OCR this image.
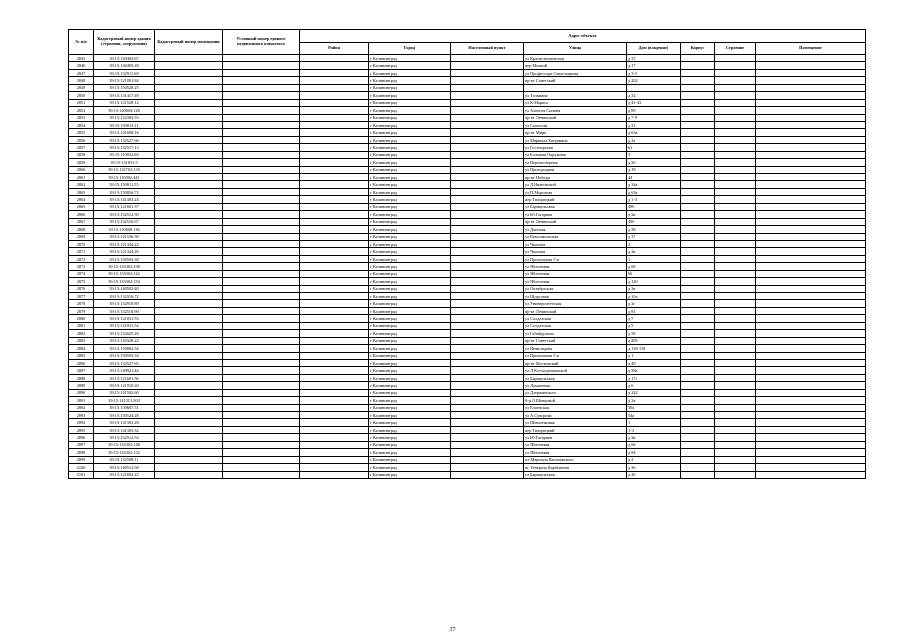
№ п/п	Кадастровый номер здания (строения, сооружения)	Кадастровый номер помещения	Условный номер единого недвижимого комплекса	Адрес объекта							
				Район	Город	Населенный пункт	Улица	Дом (владение)	Корпус	Строение	Помещение
2845	39:15:140402:67				г Калининград		ул Краснознаменская	д 37			
2846	39:15:140405:28				г Калининград		пер Мелкий	д 17			
2847	39:15:132911:69				г Калининград		ул Профессора Севастьянова	д 3-5			
2848	39:15:121001:84				г Калининград		пр-кт Советский	д 202			
2849	39:15:150528:25				г Калининград						
2850	39:15:131417:49				г Калининград		ул Тельмана	д 32			
2851	39:15:121528:12				г Калининград		ул К.Маркса	д 41-43			
2852	39:15:140604:126				г Калининград		ул Алексея Сычаня	д 89			
2853	39:15:132303:53				г Калининград		пр-кт Ленинский	д 7-9			
2854	39:15:150813:11				г Калининград		ул Соколова	д 21			
2855	39:15:141608:16				г Калининград		пр-кт Мира	д 63а			
2856	39:15:132527:66				г Калининград		ул Маршала Баграмяна	д 2а			
2857	39:15:132517:13				г Калининград		ул Гостиорская	61			
2858	39:15:110832:60				г Калининград		ул Большая Окружная	3			
2859	39:15:131831:5				г Калининград		ул Верхнеозерная	д 2б			
2860	39:15:132702:133				г Калининград		ул Пригородная	д 18			
2861	39:15:110902:441				г Калининград		пр-кт Победы	44			
2862	39:15:150811:55				г Калининград		ул Д.Ивановской	д 34а			
2863	39:15:150856:72				г Калининград		ул П.Морозова	д 63а			
2864	39:15:141303:24				г Калининград		пер Тихорецкий	д 1-3			
2865	39:15:121601:37				г Калининград		ул Барнаульская	49б			
2866	39:15:132512:50				г Калининград		ул Ю.Гагарина	д 2в			
2867	39:15:132516:67				г Калининград		пр-кт Ленинский	49б			
2868	39:15:110808:136				г Калининград		ул Донская	д 28			
2869	39:15:121536:58				г Калининград		ул Комсомольская	д 37			
2870	39:15:121344:22				г Калининград		ул Чкалова	2			
2871	39:15:121344:26				г Калининград		ул Чкалова	д 2в			
2872	39:15:150503:38				г Калининград		ул Причальная 5-я	1			
2873	39:15:133302:138				г Калининград		ул Яблоневая	д 68			
2874	39:15:133302:142				г Калининград		ул Яблоневая	66			
2875	39:15:133302:154				г Калининград		ул Яблоневая	д 120			
2876	39:15:140502:40				г Калининград		ул Октябрьская	д 3в			
2877	39:15:132316:72				г Калининград		ул Щорсовая	д 1ба			
2878	39:15:132910:89				г Калининград		ул Университетская	д 2г			
2879	39:15:132516:90				г Калининград		пр-кт Ленинский	д 81			
2880	39:15:121031:53				г Калининград		ул Солдатская	д 7			
2881	39:15:121031:54				г Калининград		ул Солдатская	д 5			
2882	39:15:132025:20				г Калининград		ул Габайдулина	д 58			
2883	39:15:120328:22				г Калининград		пр-кт Советский	д 285			
2884	39:15:150802:54				г Калининград		ул Инвалидная	д 116-118			
2885	39:15:150503:34				г Калининград		ул Причальная 5-я	д 1			
2886	39:15:132527:65				г Калининград		пр-кт Московский	д 49			
2887	39:15:140921:44				г Калининград		ул Л.Космодемьянской	д 38а			
2888	39:15:121601:56				г Калининград		ул Барнаульская	д 17г			
2889	39:15:121919:20				г Калининград		ул Лукашенко	д 6			
2890	39:15:141502:60				г Калининград		ул Дзержинского	д 242			
2891	39:15:141313:303				г Калининград		б-р Л.Шевцовой	д 3а			
2892	39:15:150607:51				г Калининград		ул Елоевская	50а			
2893	39:15:150524:28				г Калининград		ул А.Суворова	54а			
2894	39:15:141303:28				г Калининград		ул Шевченковая	1			
2895	39:15:141303:32				г Калининград		пер Тихорецкий	1-3			
2896	39:15:132512:54				г Калининград		ул Ю.Гагарина	д 2в			
2897	39:15:133302:148				г Калининград		ул Яблоневая	д 66			
2898	39:15:133302:152				г Калининград		ул Яблоневая	д 84			
2899	39:15:132508:11				г Калининград		пл Маршала Василевского	д 2			
2100	39:15:140512:58				г Калининград		ш. Генерала Карбышева	д 36			
2101	39:15:121602:22				г Калининград		ул Барнаульская	д 46			
37
